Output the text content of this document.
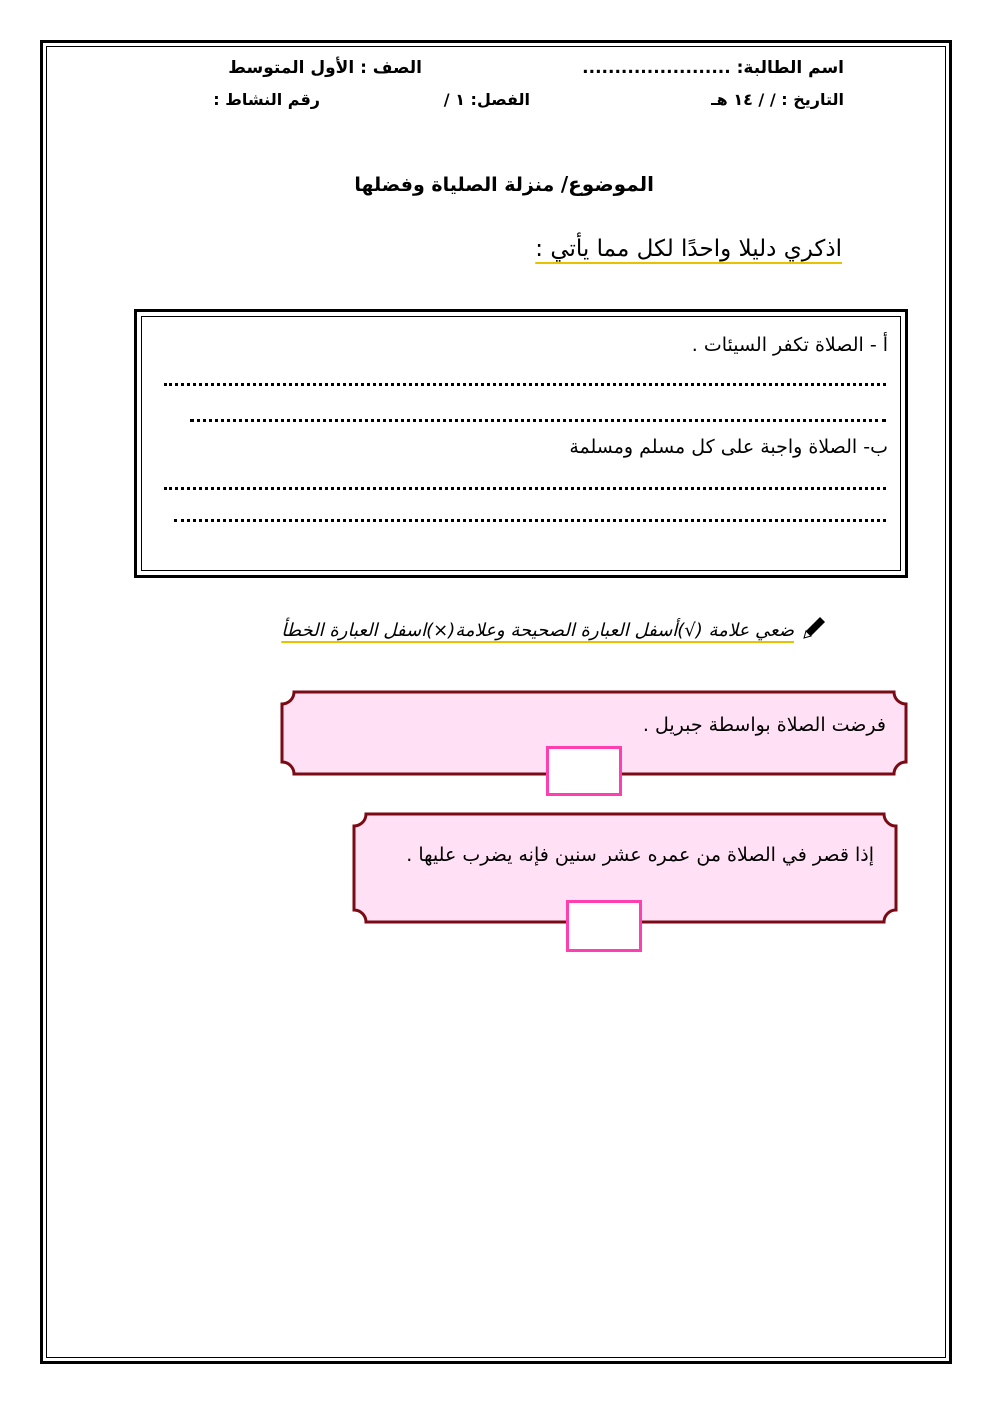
اسم الطالبة: .......................
الصف : الأول المتوسط
التاريخ : / / ١٤ هـ
الفصل: ١ /
رقم النشاط :
الموضوع/ منزلة الصلياة وفضلها
اذكري دليلا واحدًا لكل مما يأتي :
أ - الصلاة تكفر السيئات .
ب- الصلاة واجبة على كل مسلم ومسلمة
ضعي علامة (√)أسفل العبارة الصحيحة وعلامة(×)اسفل العبارة الخطأ
فرضت الصلاة بواسطة جبريل .
إذا قصر في الصلاة من عمره عشر سنين فإنه يضرب عليها .
